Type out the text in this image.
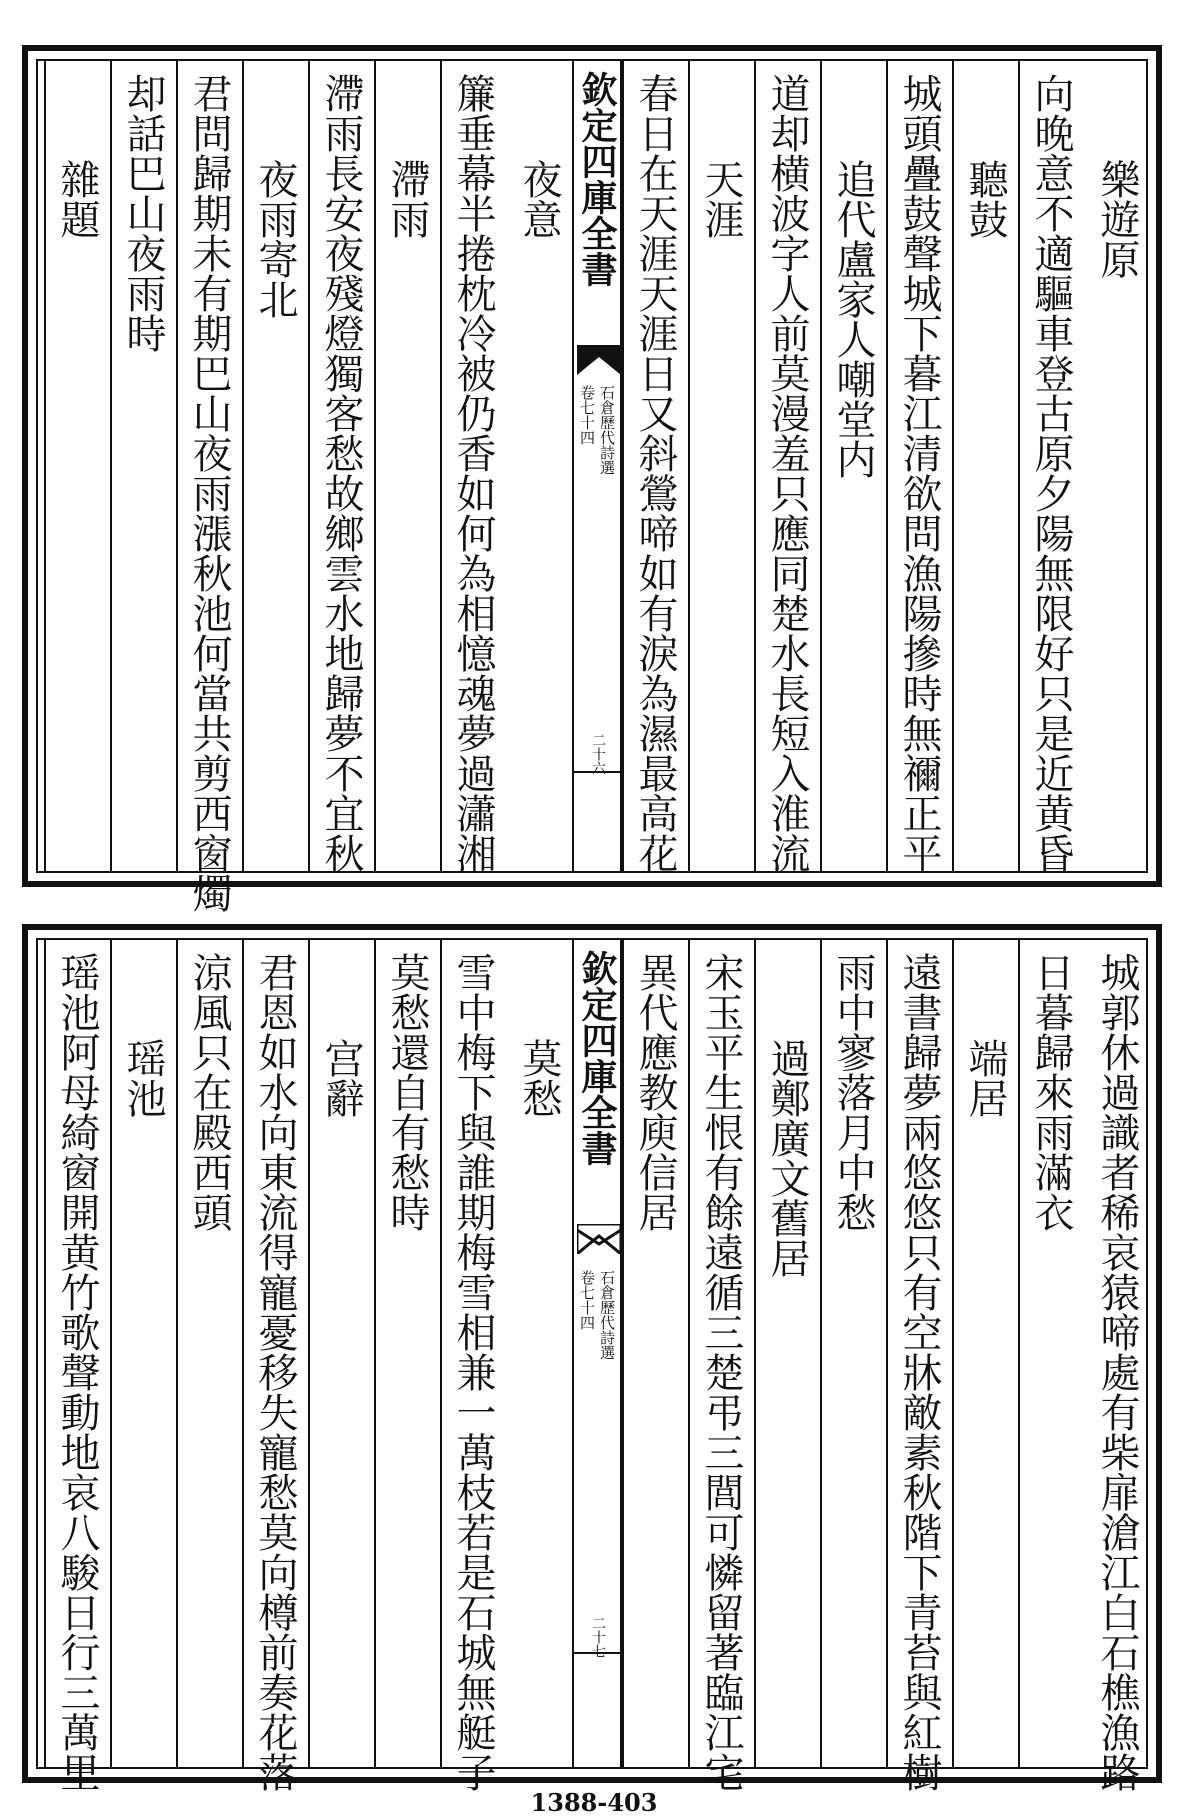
樂遊原
向晚意不適驅車登古原夕陽無限好只是近黄昏
聽鼓
城頭疊鼓聲城下暮江清欲問漁陽摻時無禰正平
追代盧家人嘲堂内
道却横波字人前莫漫羞只應同楚水長短入淮流
天涯
春日在天涯天涯日又斜鶯啼如有淚為濕最高花
欽定四庫全書
石倉歷代詩選
卷七十四
二十六
夜意
簾垂幕半捲枕冷被仍香如何為相憶魂夢過瀟湘
滯雨
滯雨長安夜殘燈獨客愁故鄉雲水地歸夢不宜秋
夜雨寄北
君問歸期未有期巴山夜雨漲秋池何當共剪西窗燭
却話巴山夜雨時
雜題
城郭休過識者稀哀猿啼處有柴扉滄江白石樵漁路
日暮歸來雨滿衣
端居
遠書歸夢兩悠悠只有空牀敵素秋階下青苔與紅樹
雨中寥落月中愁
過鄭廣文舊居
宋玉平生恨有餘遠循三楚弔三閭可憐留著臨江宅
異代應教庾信居
欽定四庫全書
石倉歷代詩選
卷七十四
二十七
莫愁
雪中梅下與誰期梅雪相兼一萬枝若是石城無艇子
莫愁還自有愁時
宫辭
君恩如水向東流得寵憂移失寵愁莫向樽前奏花落
涼風只在殿西頭
瑶池
瑶池阿母綺窗開黄竹歌聲動地哀八駿日行三萬里
1388-403
